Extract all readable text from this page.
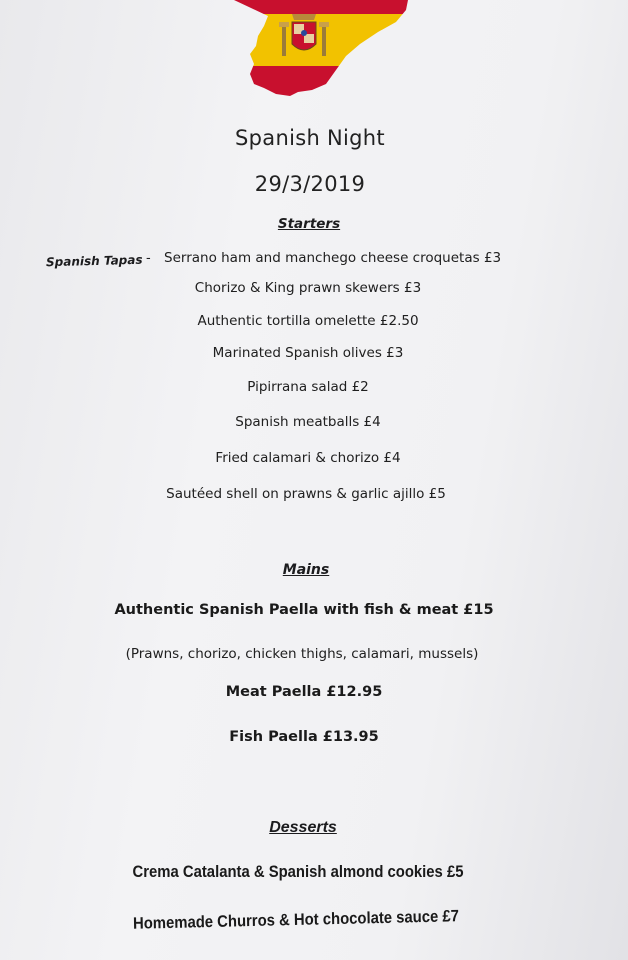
Spanish Night
29/3/2019
Starters
Spanish Tapas - Serrano ham and manchego cheese croquetas £3
Chorizo & King prawn skewers £3
Authentic tortilla omelette £2.50
Marinated Spanish olives £3
Pipirrana salad £2
Spanish meatballs £4
Fried calamari & chorizo £4
Sautéed shell on prawns & garlic ajillo £5
Mains
Authentic Spanish Paella with fish & meat £15
(Prawns, chorizo, chicken thighs, calamari, mussels)
Meat Paella £12.95
Fish Paella £13.95
Desserts
Crema Catalanta & Spanish almond cookies £5
Homemade Churros & Hot chocolate sauce £7
